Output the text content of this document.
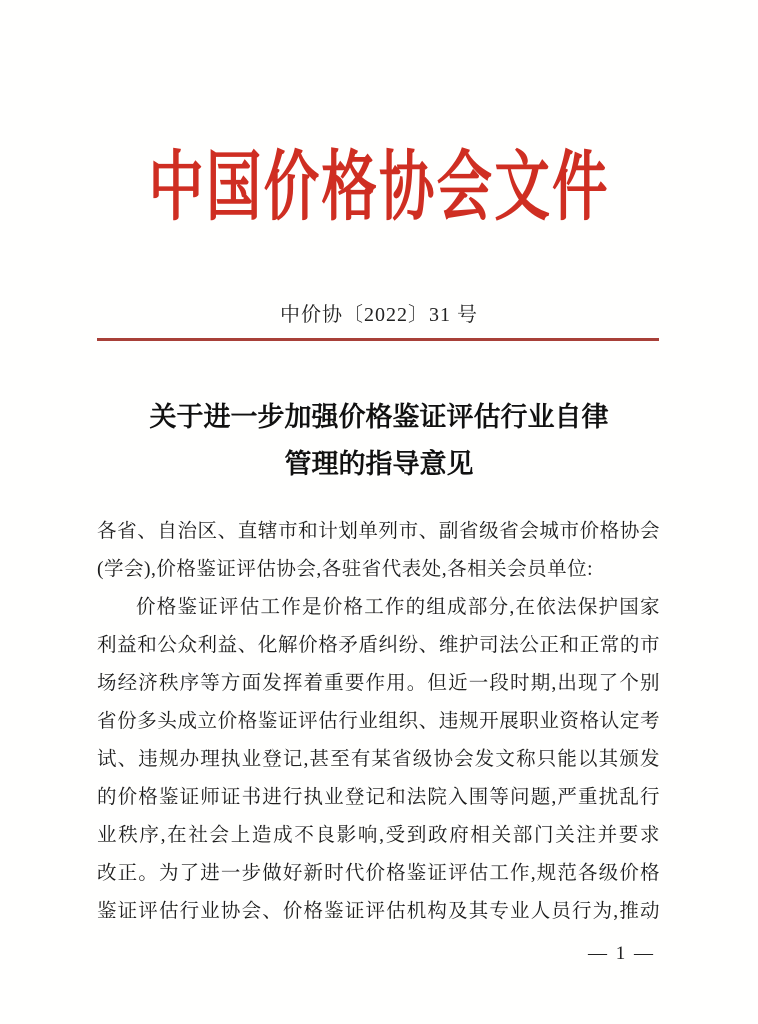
中国价格协会文件
中价协〔2022〕31 号
关于进一步加强价格鉴证评估行业自律
管理的指导意见
各省、自治区、直辖市和计划单列市、副省级省会城市价格协会
(学会),价格鉴证评估协会,各驻省代表处,各相关会员单位:
价格鉴证评估工作是价格工作的组成部分,在依法保护国家
利益和公众利益、化解价格矛盾纠纷、维护司法公正和正常的市
场经济秩序等方面发挥着重要作用。但近一段时期,出现了个别
省份多头成立价格鉴证评估行业组织、违规开展职业资格认定考
试、违规办理执业登记,甚至有某省级协会发文称只能以其颁发
的价格鉴证师证书进行执业登记和法院入围等问题,严重扰乱行
业秩序,在社会上造成不良影响,受到政府相关部门关注并要求
改正。为了进一步做好新时代价格鉴证评估工作,规范各级价格
鉴证评估行业协会、价格鉴证评估机构及其专业人员行为,推动
— 1 —
